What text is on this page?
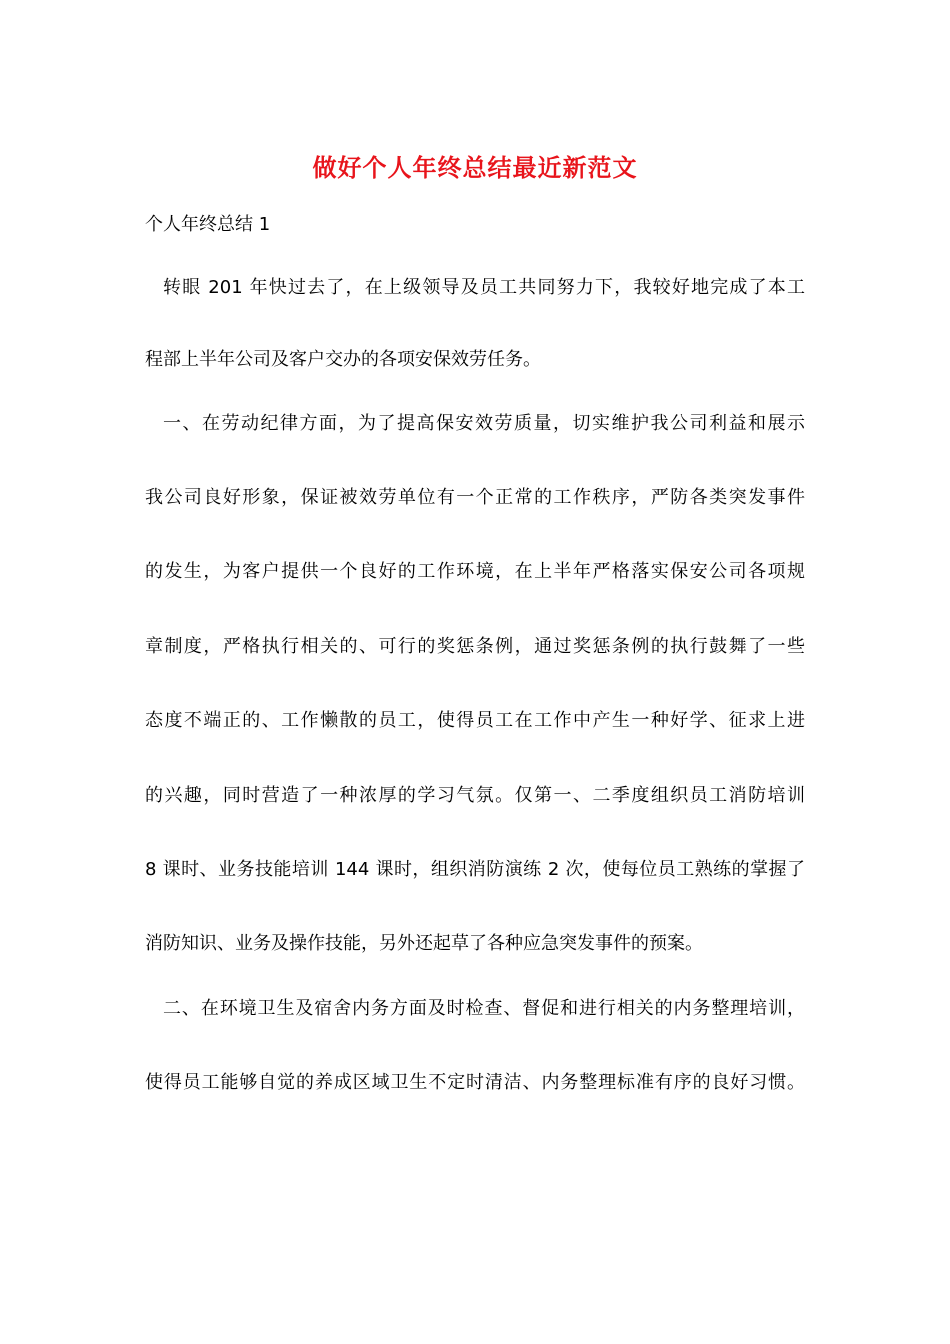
做好个人年终总结最近新范文
个人年终总结 1
转眼 201 年快过去了，在上级领导及员工共同努力下，我较好地完成了本工
程部上半年公司及客户交办的各项安保效劳任务。
一、在劳动纪律方面，为了提高保安效劳质量，切实维护我公司利益和展示
我公司良好形象，保证被效劳单位有一个正常的工作秩序，严防各类突发事件
的发生，为客户提供一个良好的工作环境，在上半年严格落实保安公司各项规
章制度，严格执行相关的、可行的奖惩条例，通过奖惩条例的执行鼓舞了一些
态度不端正的、工作懒散的员工，使得员工在工作中产生一种好学、征求上进
的兴趣，同时营造了一种浓厚的学习气氛。仅第一、二季度组织员工消防培训
8 课时、业务技能培训 144 课时，组织消防演练 2 次，使每位员工熟练的掌握了
消防知识、业务及操作技能，另外还起草了各种应急突发事件的预案。
二、在环境卫生及宿舍内务方面及时检查、督促和进行相关的内务整理培训，
使得员工能够自觉的养成区域卫生不定时清洁、内务整理标准有序的良好习惯。
